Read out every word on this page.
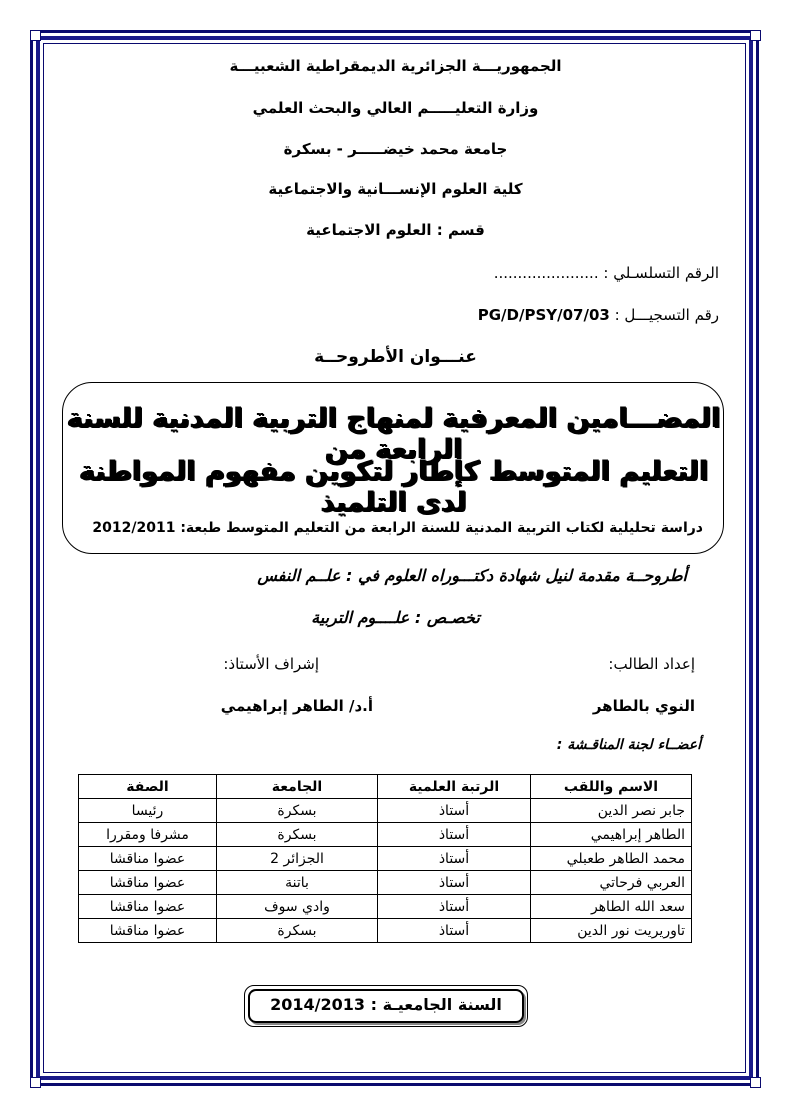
الجمهوريـــة الجزائرية الديمقراطية الشعبيـــة
وزارة التعليـــــم العالي والبحث العلمي
جامعة محمد خيضـــــر - بسكرة
كلية العلوم الإنســـانية والاجتماعية
قسم : العلوم الاجتماعية
الرقم التسلسـلي : ......................
رقم التسجيـــل : 03/PG/D/PSY/07
عنـــوان الأطروحــة
المضـــامين المعرفية لمنهاج التربية المدنية للسنة الرابعة من
التعليم المتوسط كإطار لتكوين مفهوم المواطنة لدى التلميذ
دراسة تحليلية لكتاب التربية المدنية للسنة الرابعة من التعليم المتوسط طبعة: 2012/2011
أطروحــة مقدمة لنيل شهادة دكتـــوراه العلوم في : علــم النفس
تخصـص : علــــوم التربية
إعداد الطالب:
إشراف الأستاذ:
النوي بالطاهر
أ.د/ الطاهر إبراهيمي
أعضــاء لجنة المناقـشة :
الاسم واللقب	الرتبة العلمية	الجامعة	الصفة
جابر نصر الدين	أستاذ	بسكرة	رئيسا
الطاهر إبراهيمي	أستاذ	بسكرة	مشرفا ومقررا
محمد الطاهر طعبلي	أستاذ	الجزائر 2	عضوا مناقشا
العربي فرحاتي	أستاذ	باتنة	عضوا مناقشا
سعد الله الطاهر	أستاذ	وادي سوف	عضوا مناقشا
تاوريريت نور الدين	أستاذ	بسكرة	عضوا مناقشا
السنة الجامعيـة : 2014/2013
